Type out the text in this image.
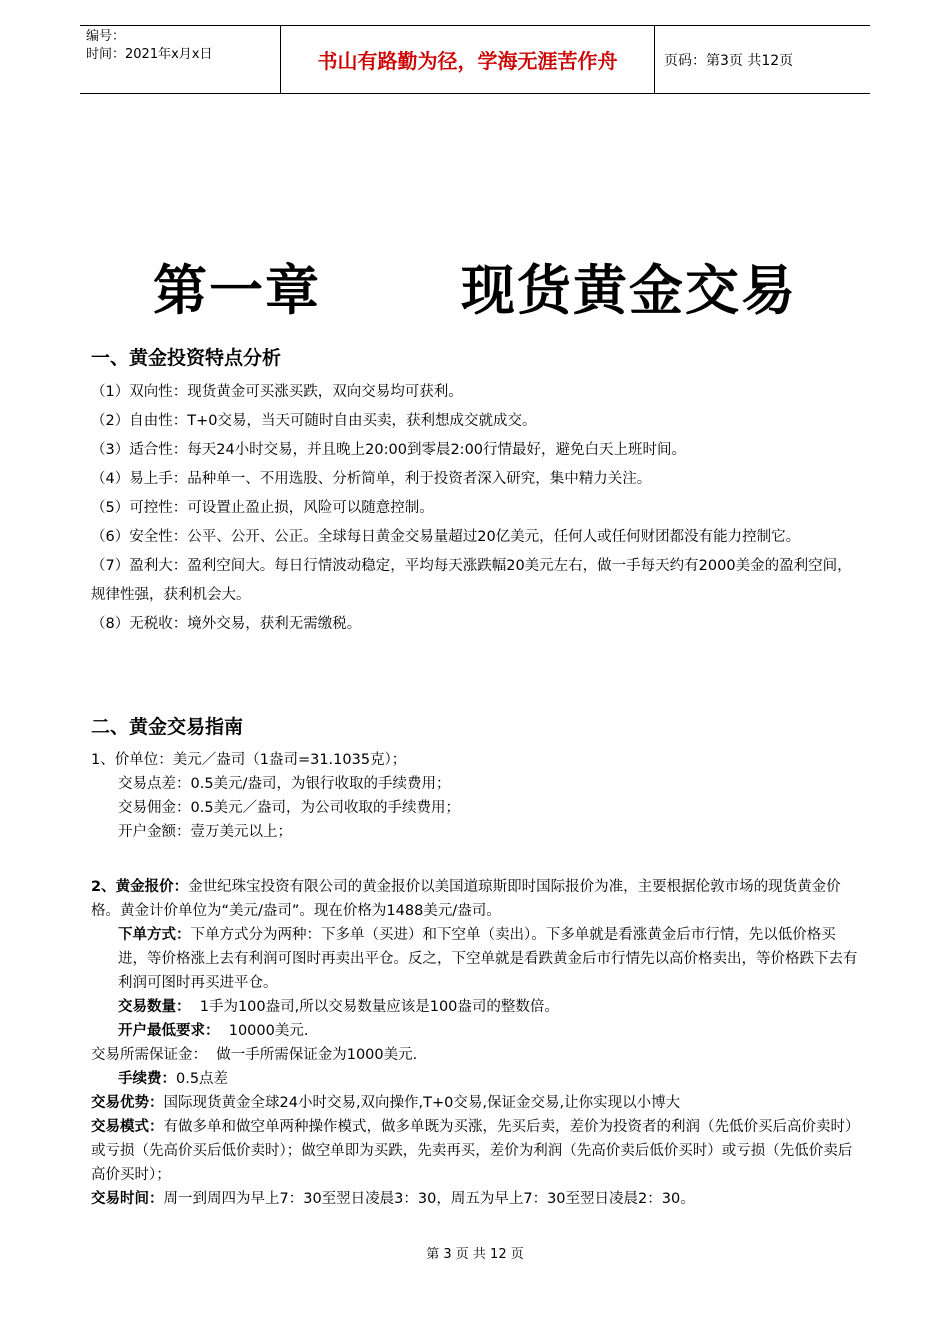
编号：
时间：2021年x月x日	书山有路勤为径，学海无涯苦作舟	页码：第3页 共12页
第一章	现货黄金交易
一、黄金投资特点分析
（1）双向性：现货黄金可买涨买跌，双向交易均可获利。
（2）自由性：T+0交易，当天可随时自由买卖，获利想成交就成交。
（3）适合性：每天24小时交易，并且晚上20:00到零晨2:00行情最好，避免白天上班时间。
（4）易上手：品种单一、不用选股、分析简单，利于投资者深入研究，集中精力关注。
（5）可控性：可设置止盈止损，风险可以随意控制。
（6）安全性：公平、公开、公正。全球每日黄金交易量超过20亿美元，任何人或任何财团都没有能力控制它。
（7）盈利大：盈利空间大。每日行情波动稳定，平均每天涨跌幅20美元左右，做一手每天约有2000美金的盈利空间，规律性强，获利机会大。
（8）无税收：境外交易，获利无需缴税。
二、黄金交易指南
1、价单位：美元／盎司（1盎司=31.1035克）；
交易点差：0.5美元/盎司，为银行收取的手续费用；
交易佣金：0.5美元／盎司，为公司收取的手续费用；
开户金额：壹万美元以上；
2、黄金报价：金世纪珠宝投资有限公司的黄金报价以美国道琼斯即时国际报价为准，主要根据伦敦市场的现货黄金价格。黄金计价单位为“美元/盎司”。现在价格为1488美元/盎司。
下单方式：下单方式分为两种：下多单（买进）和下空单（卖出）。下多单就是看涨黄金后市行情，先以低价格买进，等价格涨上去有利润可图时再卖出平仓。反之，下空单就是看跌黄金后市行情先以高价格卖出，等价格跌下去有利润可图时再买进平仓。
交易数量： 1手为100盎司,所以交易数量应该是100盎司的整数倍。
开户最低要求： 10000美元.
交易所需保证金： 做一手所需保证金为1000美元.
手续费：0.5点差
交易优势：国际现货黄金全球24小时交易,双向操作,T+0交易,保证金交易,让你实现以小博大
交易模式：有做多单和做空单两种操作模式，做多单既为买涨，先买后卖，差价为投资者的利润（先低价买后高价卖时）或亏损（先高价买后低价卖时）；做空单即为买跌，先卖再买，差价为利润（先高价卖后低价买时）或亏损（先低价卖后高价买时）；
交易时间：周一到周四为早上7：30至翌日凌晨3：30，周五为早上7：30至翌日凌晨2：30。
第 3 页 共 12 页
